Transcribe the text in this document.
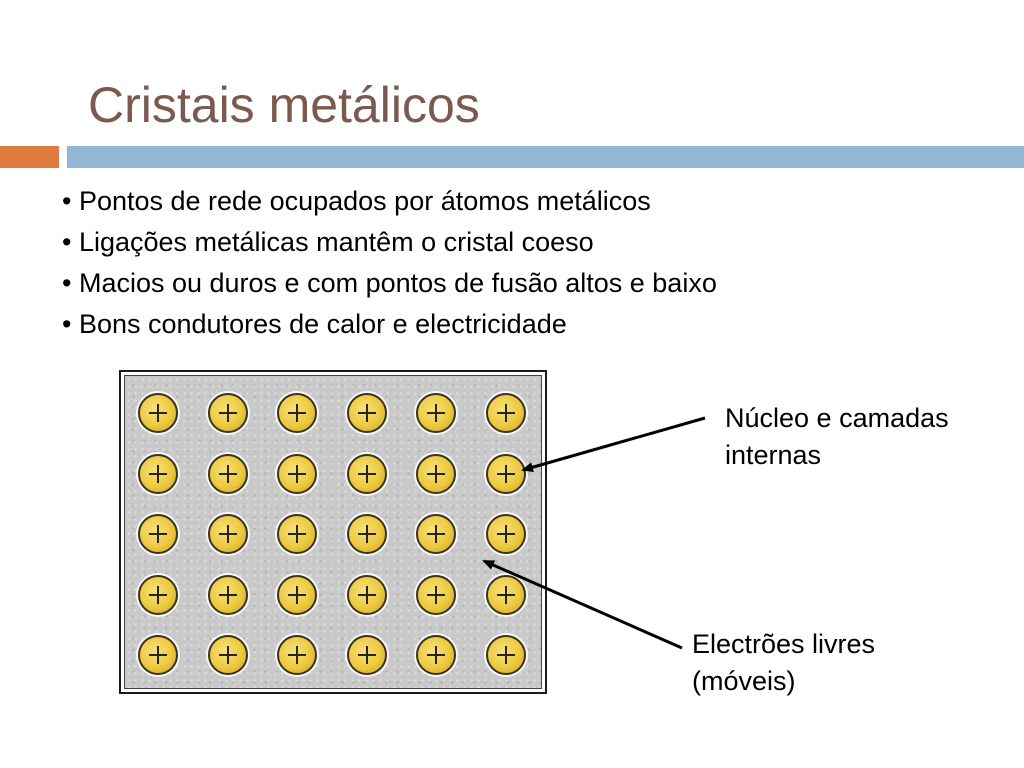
Cristais metálicos
• Pontos de rede ocupados por átomos metálicos
• Ligações metálicas mantêm o cristal coeso
• Macios ou duros e com pontos de fusão altos e baixo
• Bons condutores de calor e electricidade
Núcleo e camadas
internas
Electrões livres
(móveis)
